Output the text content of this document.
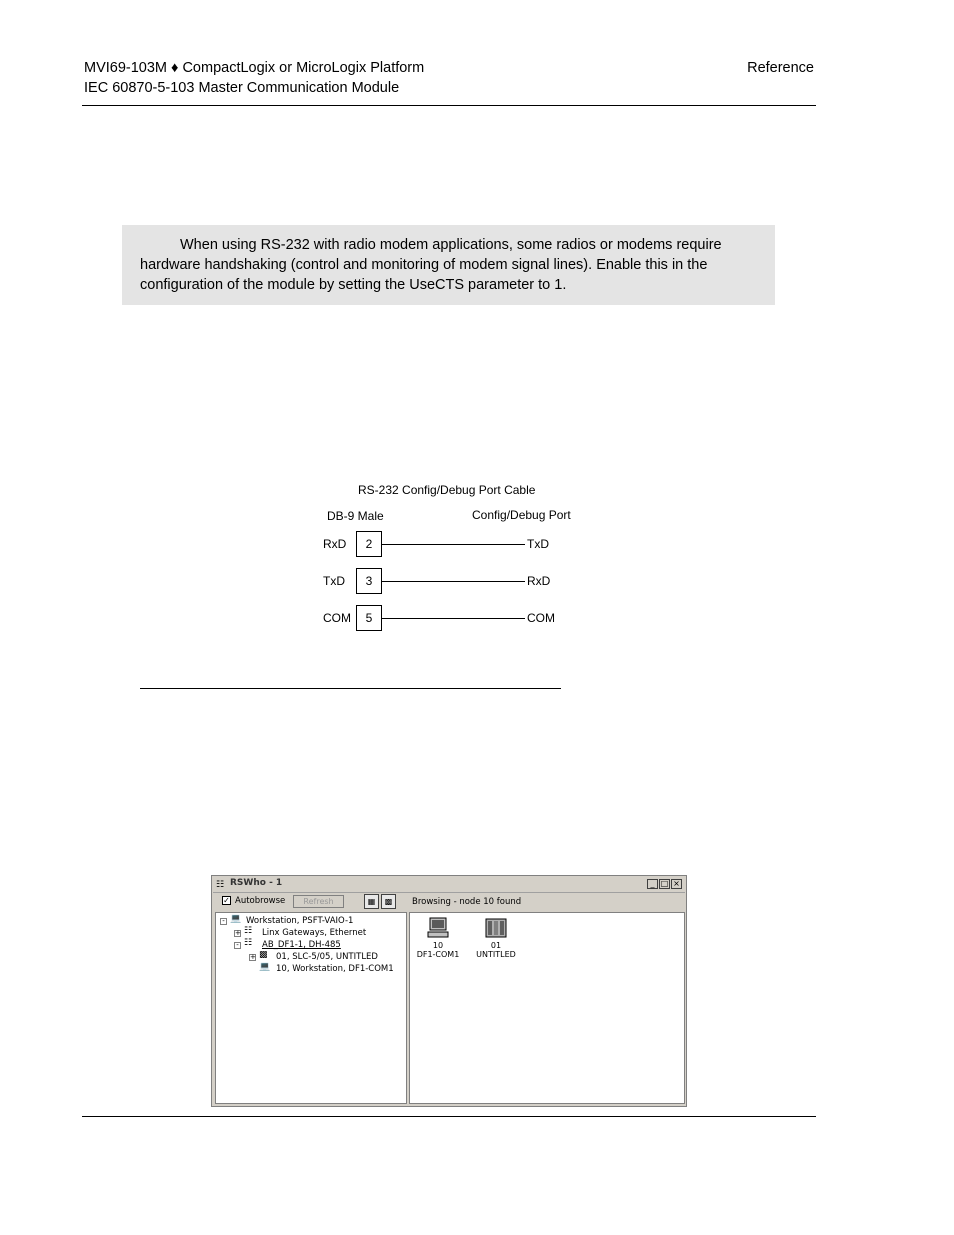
MVI69-103M ♦ CompactLogix or MicroLogix Platform
IEC 60870-5-103 Master Communication Module
Reference
When using RS-232 with radio modem applications, some radios or modems require
hardware handshaking (control and monitoring of modem signal lines). Enable this in the
configuration of the module by setting the UseCTS parameter to 1.
RS-232 Config/Debug Port Cable
DB-9 Male	Config/Debug Port
RxD	2	TxD
TxD	3	RxD
COM	5	COM
☷ RSWho - 1	_ □ ×
✓ Autobrowse	Refresh	▦	▩	Browsing - node 10 found
- 💻 Workstation, PSFT-VAIO-1
+ ☷ Linx Gateways, Ethernet
- ☷ AB_DF1-1, DH-485
+ ▩ 01, SLC-5/05, UNTITLED
💻 10, Workstation, DF1-COM1
10
DF1-COM1
01
UNTITLED
